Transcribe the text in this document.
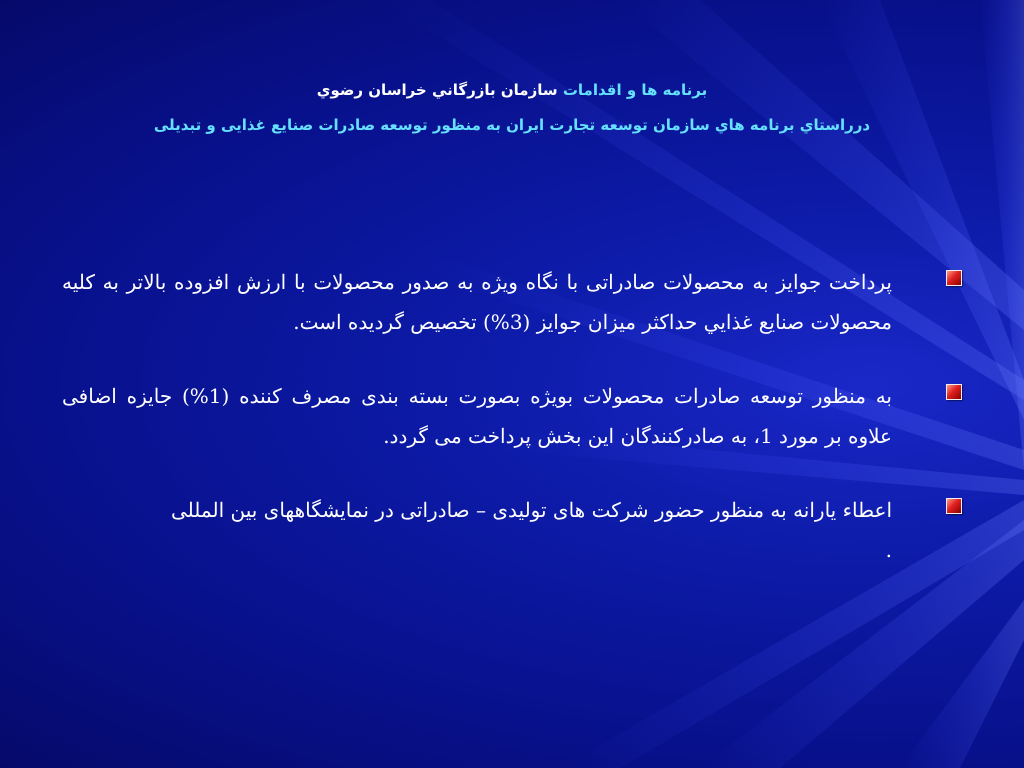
برنامه ها و اقدامات سازمان بازرگاني خراسان رضوي
درراستاي برنامه هاي سازمان توسعه تجارت ايران به منظور توسعه صادرات صنايع غذايی و تبدیلی
پرداخت جوایز به محصولات صادراتی با نگاه ویژه به صدور محصولات با ارزش افزوده بالاتر به کلیه محصولات صنایع غذايي حداکثر میزان جوایز (3%) تخصیص گردیده است.
به منظور توسعه صادرات محصولات بویژه بصورت بسته بندی مصرف کننده (1%) جایزه اضافی علاوه بر مورد 1، به صادرکنندگان این بخش پرداخت می گردد.
اعطاء یارانه به منظور حضور شرکت های تولیدی – صادراتی در نمایشگاههای بین المللی
.
